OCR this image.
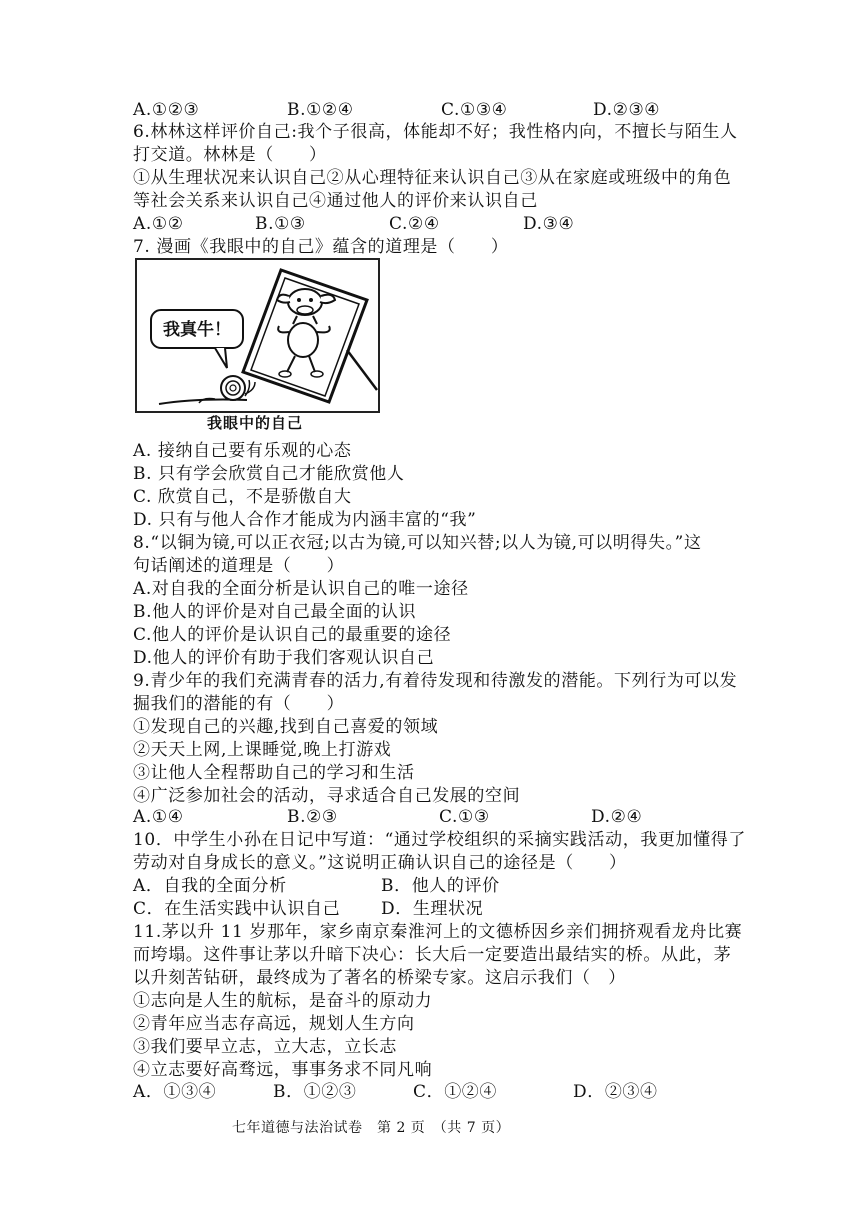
A.①②③	B.①②④	C.①③④	D.②③④
6.林林这样评价自己:我个子很高，体能却不好；我性格内向，不擅长与陌生人
打交道。林林是（　　）
①从生理状况来认识自己②从心理特征来认识自己③从在家庭或班级中的角色
等社会关系来认识自己④通过他人的评价来认识自己
A.①②	B.①③	C.②④	D.③④
7. 漫画《我眼中的自己》蕴含的道理是（　　）
我真牛！
我眼中的自己
A. 接纳自己要有乐观的心态
B. 只有学会欣赏自己才能欣赏他人
C. 欣赏自己，不是骄傲自大
D. 只有与他人合作才能成为内涵丰富的“我”
8.“以铜为镜,可以正衣冠;以古为镜,可以知兴替;以人为镜,可以明得失。”这
句话阐述的道理是（　　）
A.对自我的全面分析是认识自己的唯一途径
B.他人的评价是对自己最全面的认识
C.他人的评价是认识自己的最重要的途径
D.他人的评价有助于我们客观认识自己
9.青少年的我们充满青春的活力,有着待发现和待激发的潜能。下列行为可以发
掘我们的潜能的有（　　）
①发现自己的兴趣,找到自己喜爱的领域
②天天上网,上课睡觉,晚上打游戏
③让他人全程帮助自己的学习和生活
④广泛参加社会的活动，寻求适合自己发展的空间
A.①④	B.②③	C.①③	D.②④
10．中学生小孙在日记中写道：“通过学校组织的采摘实践活动，我更加懂得了
劳动对自身成长的意义。”这说明正确认识自己的途径是（　　）
A．自我的全面分析	B．他人的评价
C．在生活实践中认识自己	D．生理状况
11.茅以升 11 岁那年，家乡南京秦淮河上的文德桥因乡亲们拥挤观看龙舟比赛
而垮塌。这件事让茅以升暗下决心：长大后一定要造出最结实的桥。从此，茅
以升刻苦钻研，最终成为了著名的桥梁专家。这启示我们（　）
①志向是人生的航标，是奋斗的原动力
②青年应当志存高远，规划人生方向
③我们要早立志，立大志，立长志
④立志要好高骛远，事事务求不同凡响
A．①③④	B．①②③	C．①②④	D．②③④
七年道德与法治试卷　第 2 页　（共 7 页）
